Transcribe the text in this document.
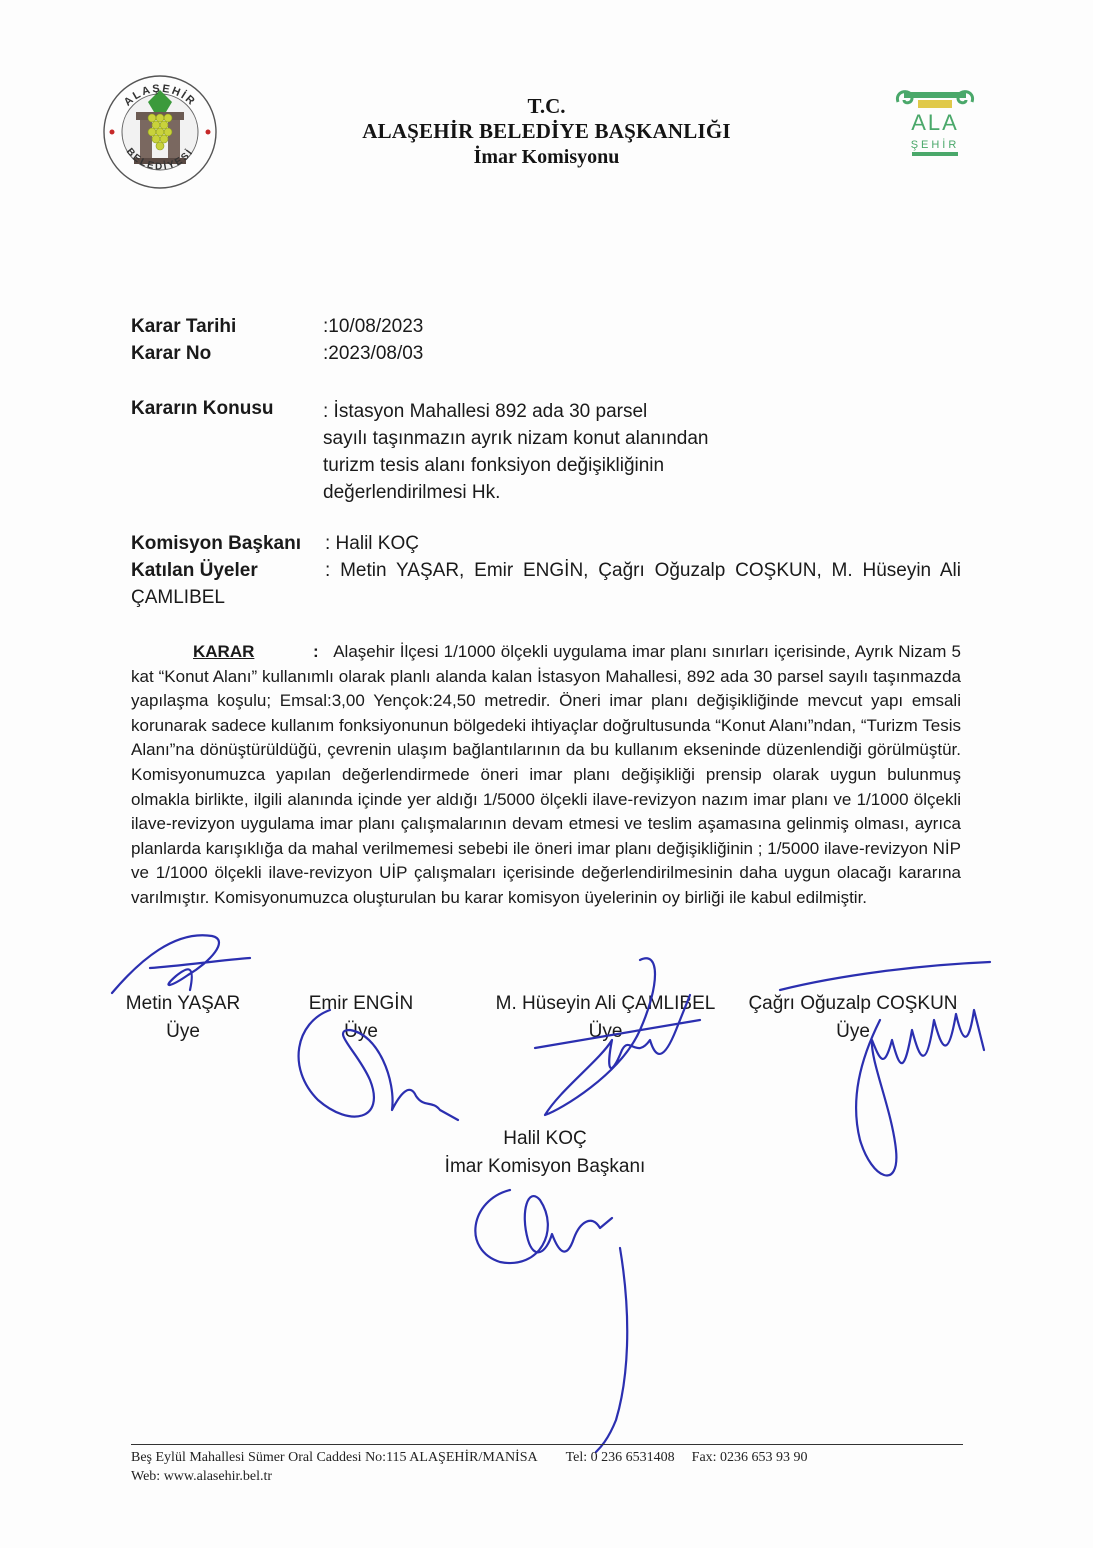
ALAŞEHİR
BELEDİYESİ
ALA
ŞEHİR
T.C.
ALAŞEHİR BELEDİYE BAŞKANLIĞI
İmar Komisyonu
Karar Tarihi	:10/08/2023
Karar No	:2023/08/03
Kararın Konusu	: İstasyon Mahallesi 892 ada 30 parsel
sayılı taşınmazın ayrık nizam konut alanından
turizm tesis alanı fonksiyon değişikliğinin
değerlendirilmesi Hk.
Komisyon Başkanı : Halil KOÇ
Katılan Üyeler	: Metin YAŞAR, Emir ENGİN, Çağrı Oğuzalp COŞKUN, M. Hüseyin Ali
ÇAMLIBEL
KARAR	: Alaşehir İlçesi 1/1000 ölçekli uygulama imar planı sınırları içerisinde, Ayrık Nizam 5 kat “Konut Alanı” kullanımlı olarak planlı alanda kalan İstasyon Mahallesi, 892 ada 30 parsel sayılı taşınmazda yapılaşma koşulu; Emsal:3,00 Yençok:24,50 metredir. Öneri imar planı değişikliğinde mevcut yapı emsali korunarak sadece kullanım fonksiyonunun bölgedeki ihtiyaçlar doğrultusunda “Konut Alanı”ndan, “Turizm Tesis Alanı”na dönüştürüldüğü, çevrenin ulaşım bağlantılarının da bu kullanım ekseninde düzenlendiği görülmüştür. Komisyonumuzca yapılan değerlendirmede öneri imar planı değişikliği prensip olarak uygun bulunmuş olmakla birlikte, ilgili alanında içinde yer aldığı 1/5000 ölçekli ilave-revizyon nazım imar planı ve 1/1000 ölçekli ilave-revizyon uygulama imar planı çalışmalarının devam etmesi ve teslim aşamasına gelinmiş olması, ayrıca planlarda karışıklığa da mahal verilmemesi sebebi ile öneri imar planı değişikliğinin ; 1/5000 ilave-revizyon NİP ve 1/1000 ölçekli ilave-revizyon UİP çalışmaları içerisinde değerlendirilmesinin daha uygun olacağı kararına varılmıştır. Komisyonumuzca oluşturulan bu karar komisyon üyelerinin oy birliği ile kabul edilmiştir.
Metin YAŞAR
Üye
Emir ENGİN
Üye
M. Hüseyin Ali ÇAMLIBEL
Üye
Çağrı Oğuzalp COŞKUN
Üye
Halil KOÇ
İmar Komisyon Başkanı
Beş Eylül Mahallesi Sümer Oral Caddesi No:115 ALAŞEHİR/MANİSA Tel: 0 236 6531408 Fax: 0236 653 93 90
Web: www.alasehir.bel.tr
